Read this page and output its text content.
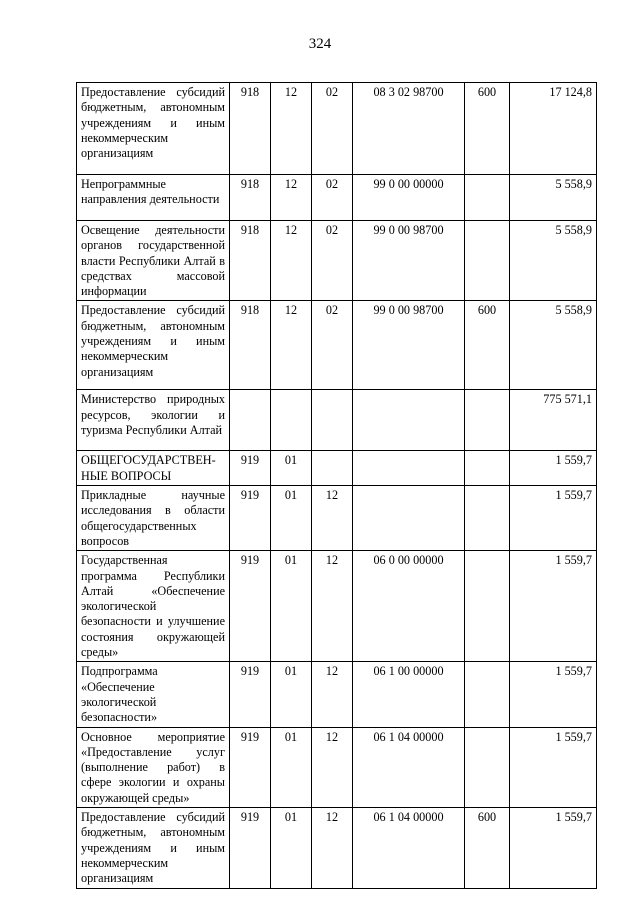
324
Предоставление субсидий бюджетным, автономным учреждениям и иным некоммерческим организациям	918	12	02	08 3 02 98700	600	17 124,8
Непрограммные направления деятельности	918	12	02	99 0 00 00000		5 558,9
Освещение деятельности органов государственной власти Республики Алтай в средствах массовой информации	918	12	02	99 0 00 98700		5 558,9
Предоставление субсидий бюджетным, автономным учреждениям и иным некоммерческим организациям	918	12	02	99 0 00 98700	600	5 558,9
Министерство природных ресурсов, экологии и туризма Республики Алтай						775 571,1
ОБЩЕГОСУДАРСТВЕН-НЫЕ ВОПРОСЫ	919	01				1 559,7
Прикладные научные исследования в области общегосударственных вопросов	919	01	12			1 559,7
Государственная программа Республики Алтай «Обеспечение экологической безопасности и улучшение состояния окружающей среды»	919	01	12	06 0 00 00000		1 559,7
Подпрограмма «Обеспечение экологической безопасности»	919	01	12	06 1 00 00000		1 559,7
Основное мероприятие «Предоставление услуг (выполнение работ) в сфере экологии и охраны окружающей среды»	919	01	12	06 1 04 00000		1 559,7
Предоставление субсидий бюджетным, автономным учреждениям и иным некоммерческим организациям	919	01	12	06 1 04 00000	600	1 559,7
